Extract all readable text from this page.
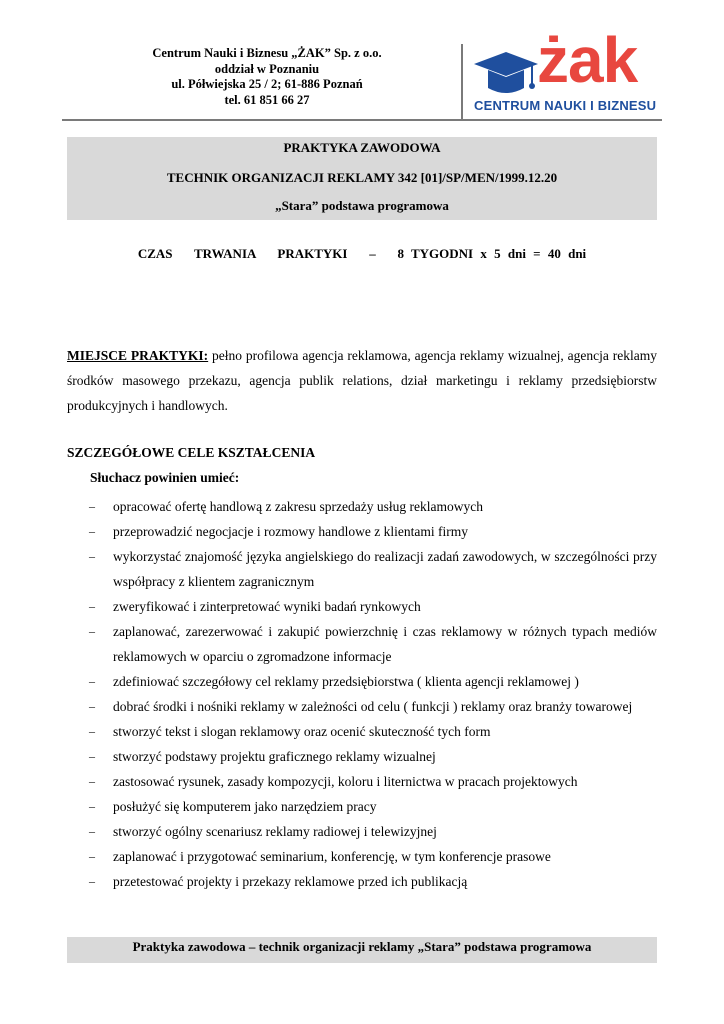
Centrum Nauki i Biznesu „ŻAK” Sp. z o.o.
oddział w Poznaniu
ul. Półwiejska 25 / 2; 61-886 Poznań
tel. 61 851 66 27
żak
CENTRUM NAUKI I BIZNESU
PRAKTYKA ZAWODOWA
TECHNIK ORGANIZACJI REKLAMY 342 [01]/SP/MEN/1999.12.20
„Stara” podstawa programowa
CZAS   TRWANIA   PRAKTYKI   –   8 TYGODNI x 5 dni = 40 dni
MIEJSCE PRAKTYKI: pełno profilowa agencja reklamowa, agencja reklamy wizualnej, agencja reklamy środków masowego przekazu, agencja publik relations, dział marketingu i reklamy przedsiębiorstw produkcyjnych i handlowych.
SZCZEGÓŁOWE CELE KSZTAŁCENIA
Słuchacz powinien umieć:
– opracować ofertę handlową z zakresu sprzedaży usług reklamowych
– przeprowadzić negocjacje i rozmowy handlowe z klientami firmy
– wykorzystać znajomość języka angielskiego do realizacji zadań zawodowych, w szczególności przy współpracy z klientem zagranicznym
– zweryfikować i zinterpretować wyniki badań rynkowych
– zaplanować, zarezerwować i zakupić powierzchnię i czas reklamowy w różnych typach mediów reklamowych w oparciu o zgromadzone informacje
– zdefiniować szczegółowy cel reklamy przedsiębiorstwa ( klienta agencji reklamowej )
– dobrać środki i nośniki reklamy w zależności od celu ( funkcji ) reklamy oraz branży towarowej
– stworzyć tekst i slogan reklamowy oraz ocenić skuteczność tych form
– stworzyć podstawy projektu graficznego reklamy wizualnej
– zastosować rysunek, zasady kompozycji, koloru i liternictwa w pracach projektowych
– posłużyć się komputerem jako narzędziem pracy
– stworzyć ogólny scenariusz reklamy radiowej i telewizyjnej
– zaplanować i przygotować seminarium, konferencję, w tym konferencje prasowe
– przetestować projekty i przekazy reklamowe przed ich publikacją
Praktyka zawodowa – technik organizacji reklamy „Stara” podstawa programowa
